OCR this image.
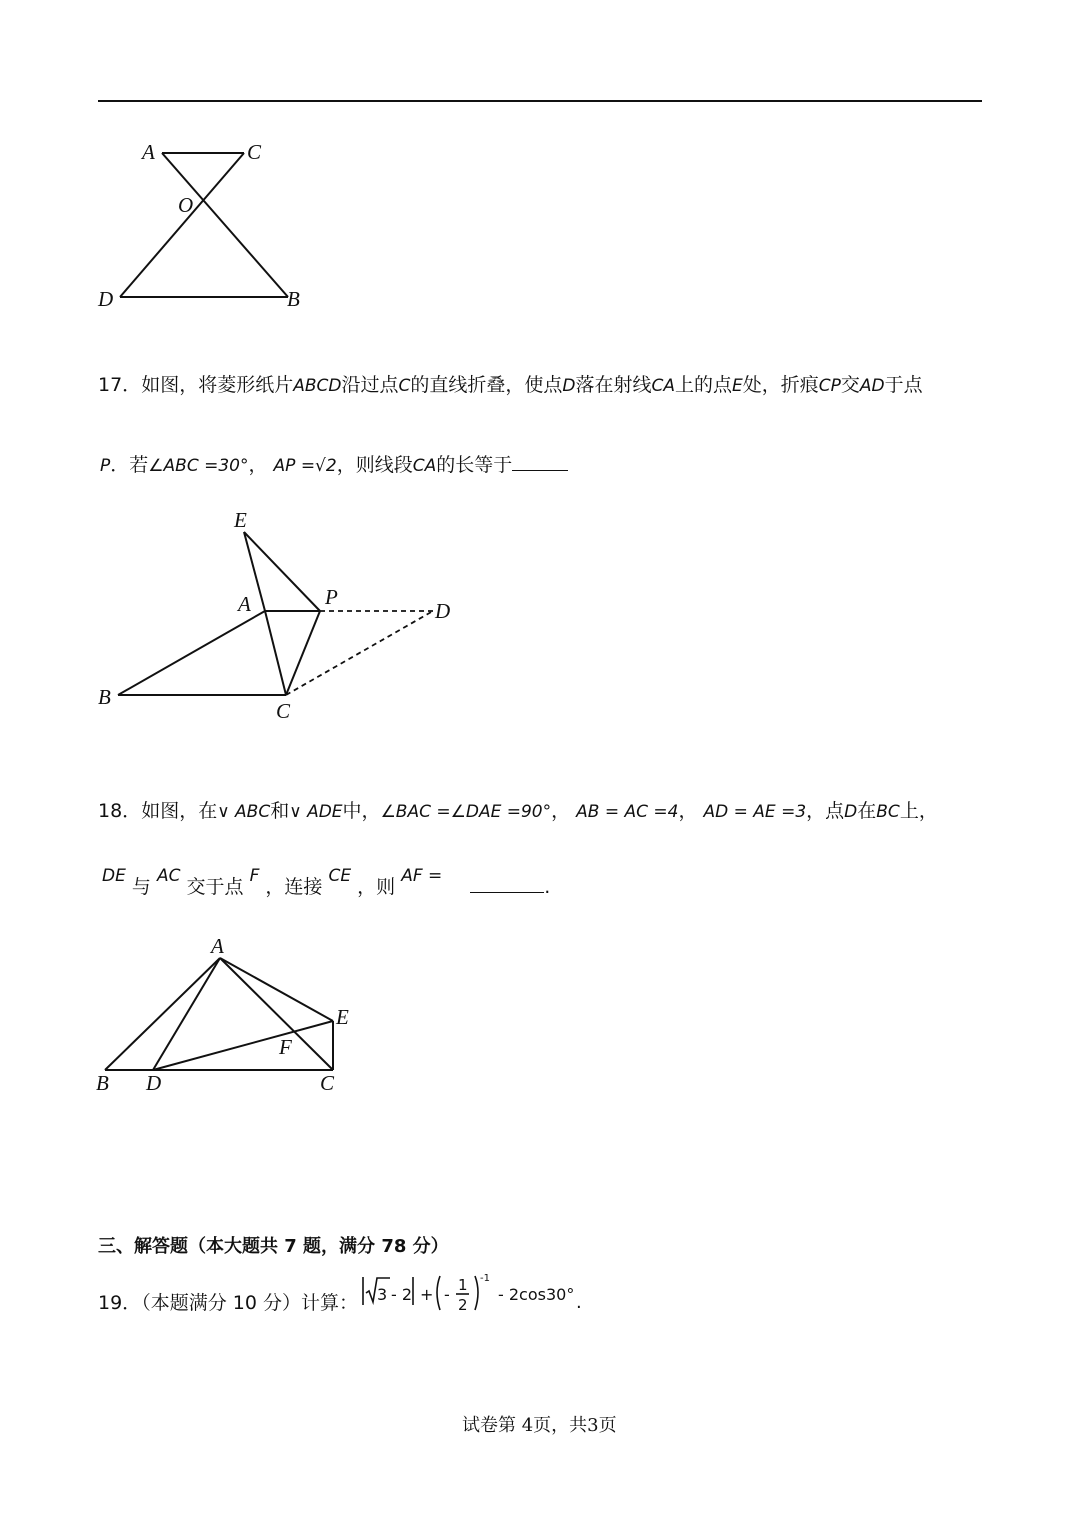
A	C
O
D	B
17．如图，将菱形纸片ABCD沿过点C的直线折叠，使点D落在射线CA上的点E处，折痕CP交AD于点
P．若∠ABC =30°， AP =√2，则线段CA的长等于
E
A	P
D
B
C
18．如图，在∨ ABC和∨ ADE中，∠BAC =∠DAE =90°， AB = AC =4， AD = AE =3，点D在BC上，
DE 与 AC 交于点 F ，连接 CE ，则 AF =	.
A
E
F
B D	C
三、解答题（本大题共 7 题，满分 78 分）
19．（本题满分 10 分）计算： 3 - 2 + - 1
2
-1
- 2cos30° .
试卷第 4页，共3页
